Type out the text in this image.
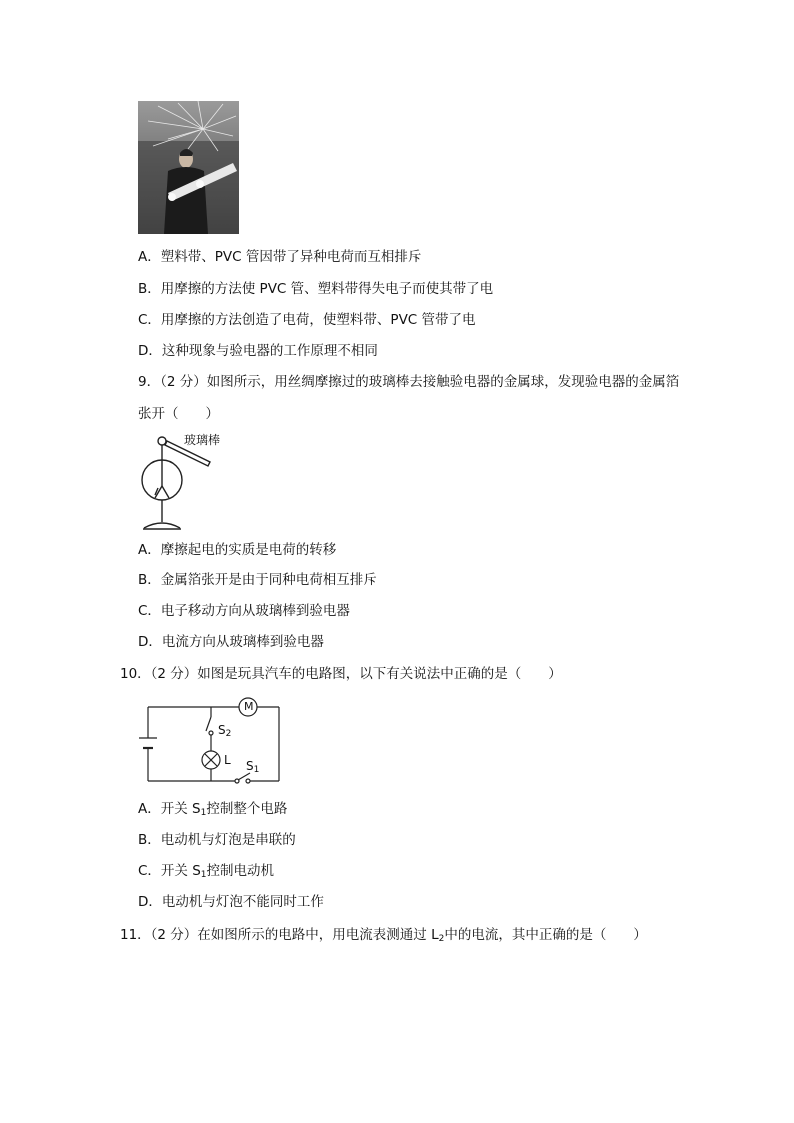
A．塑料带、PVC 管因带了异种电荷而互相排斥
B．用摩擦的方法使 PVC 管、塑料带得失电子而使其带了电
C．用摩擦的方法创造了电荷，使塑料带、PVC 管带了电
D．这种现象与验电器的工作原理不相同
9．（2 分）如图所示，用丝绸摩擦过的玻璃棒去接触验电器的金属球，发现验电器的金属箔
张开（　　）
玻璃棒
A．摩擦起电的实质是电荷的转移
B．金属箔张开是由于同种电荷相互排斥
C．电子移动方向从玻璃棒到验电器
D．电流方向从玻璃棒到验电器
10．（2 分）如图是玩具汽车的电路图，以下有关说法中正确的是（　　）
M
$S_2$
L $S_1$
A．开关 $S_1$控制整个电路
B．电动机与灯泡是串联的
C．开关 $S_1$控制电动机
D．电动机与灯泡不能同时工作
11．（2 分）在如图所示的电路中，用电流表测通过 $L_2$中的电流，其中正确的是（　　）
